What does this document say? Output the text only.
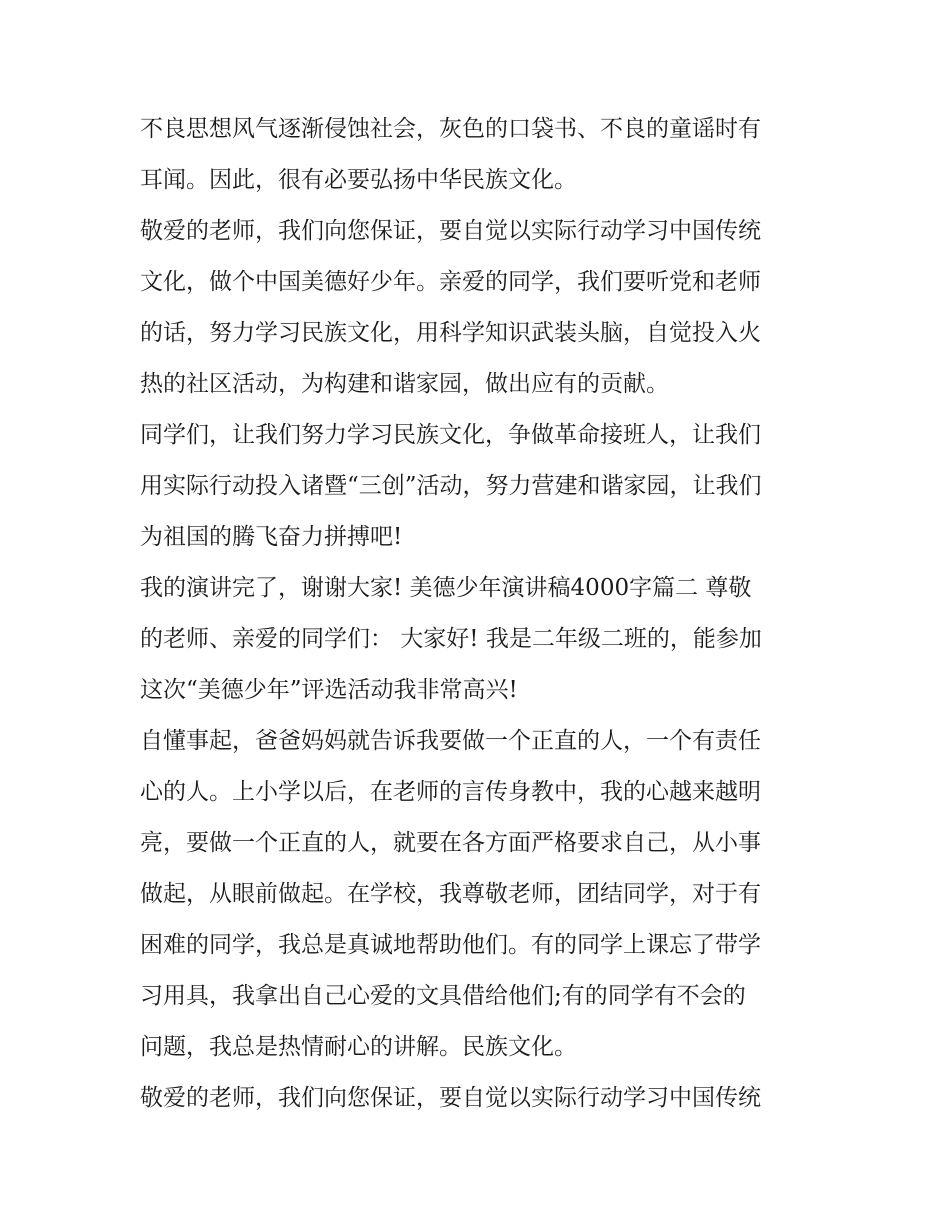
不良思想风气逐渐侵蚀社会，灰色的口袋书、不良的童谣时有

耳闻。因此，很有必要弘扬中华民族文化。

敬爱的老师，我们向您保证，要自觉以实际行动学习中国传统

文化，做个中国美德好少年。亲爱的同学，我们要听党和老师

的话，努力学习民族文化，用科学知识武装头脑，自觉投入火

热的社区活动，为构建和谐家园，做出应有的贡献。

同学们，让我们努力学习民族文化，争做革命接班人，让我们

用实际行动投入诸暨“三创”活动，努力营建和谐家园，让我们

为祖国的腾飞奋力拼搏吧!

我的演讲完了，谢谢大家! 美德少年演讲稿4000字篇二 尊敬

的老师、亲爱的同学们： 大家好! 我是二年级二班的，能参加

这次“美德少年”评选活动我非常高兴!

自懂事起，爸爸妈妈就告诉我要做一个正直的人，一个有责任

心的人。上小学以后，在老师的言传身教中，我的心越来越明

亮，要做一个正直的人，就要在各方面严格要求自己，从小事

做起，从眼前做起。在学校，我尊敬老师，团结同学，对于有

困难的同学，我总是真诚地帮助他们。有的同学上课忘了带学

习用具，我拿出自己心爱的文具借给他们;有的同学有不会的

问题，我总是热情耐心的讲解。民族文化。

敬爱的老师，我们向您保证，要自觉以实际行动学习中国传统
